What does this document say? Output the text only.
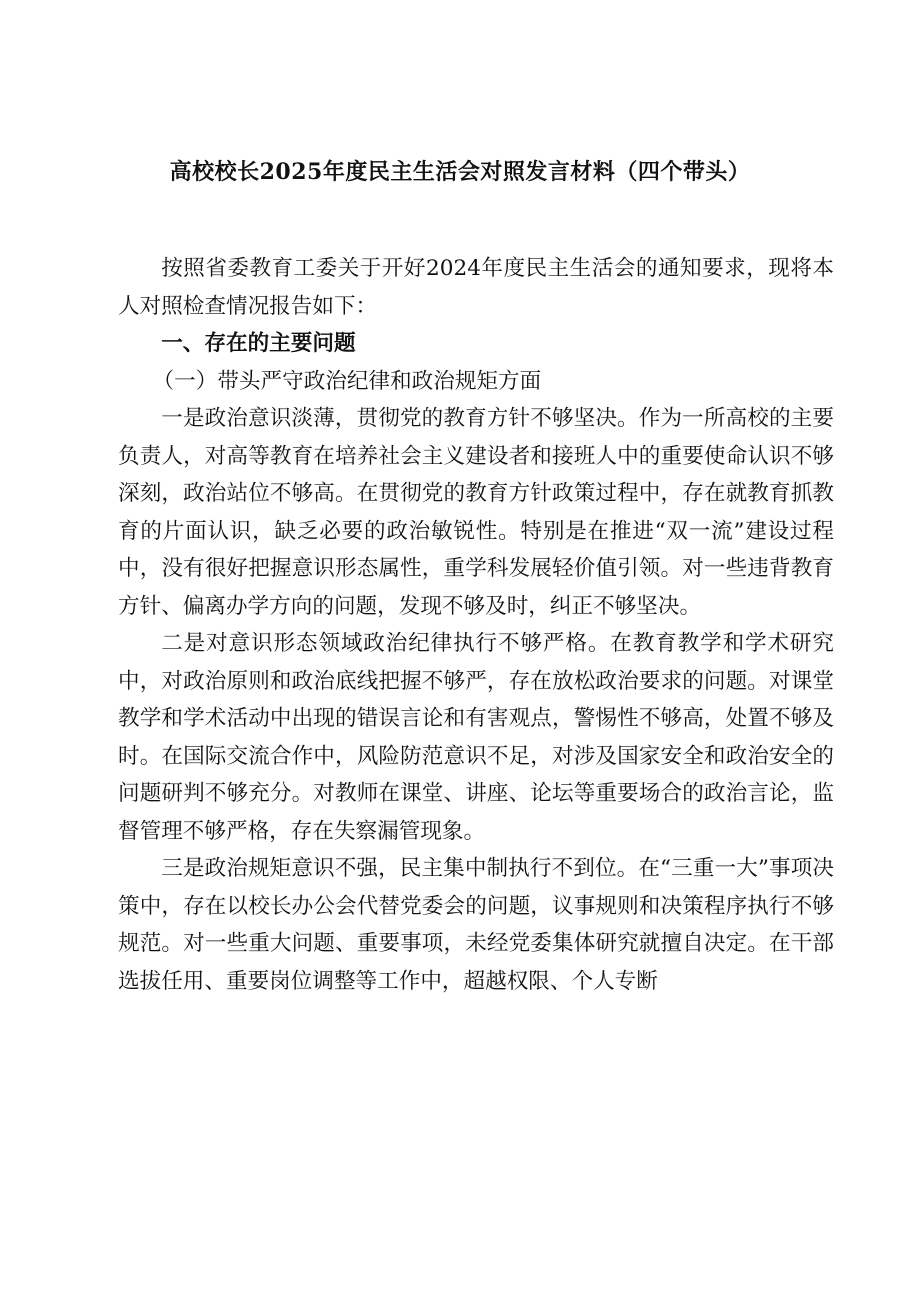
高校校长2025年度民主生活会对照发言材料（四个带头）

按照省委教育工委关于开好2024年度民主生活会的通知要求，现将本人对照检查情况报告如下：

一、存在的主要问题

（一）带头严守政治纪律和政治规矩方面

一是政治意识淡薄，贯彻党的教育方针不够坚决。作为一所高校的主要负责人，对高等教育在培养社会主义建设者和接班人中的重要使命认识不够深刻，政治站位不够高。在贯彻党的教育方针政策过程中，存在就教育抓教育的片面认识，缺乏必要的政治敏锐性。特别是在推进“双一流”建设过程中，没有很好把握意识形态属性，重学科发展轻价值引领。对一些违背教育方针、偏离办学方向的问题，发现不够及时，纠正不够坚决。

二是对意识形态领域政治纪律执行不够严格。在教育教学和学术研究中，对政治原则和政治底线把握不够严，存在放松政治要求的问题。对课堂教学和学术活动中出现的错误言论和有害观点，警惕性不够高，处置不够及时。在国际交流合作中，风险防范意识不足，对涉及国家安全和政治安全的问题研判不够充分。对教师在课堂、讲座、论坛等重要场合的政治言论，监督管理不够严格，存在失察漏管现象。

三是政治规矩意识不强，民主集中制执行不到位。在“三重一大”事项决策中，存在以校长办公会代替党委会的问题，议事规则和决策程序执行不够规范。对一些重大问题、重要事项，未经党委集体研究就擅自决定。在干部选拔任用、重要岗位调整等工作中，超越权限、个人专断
